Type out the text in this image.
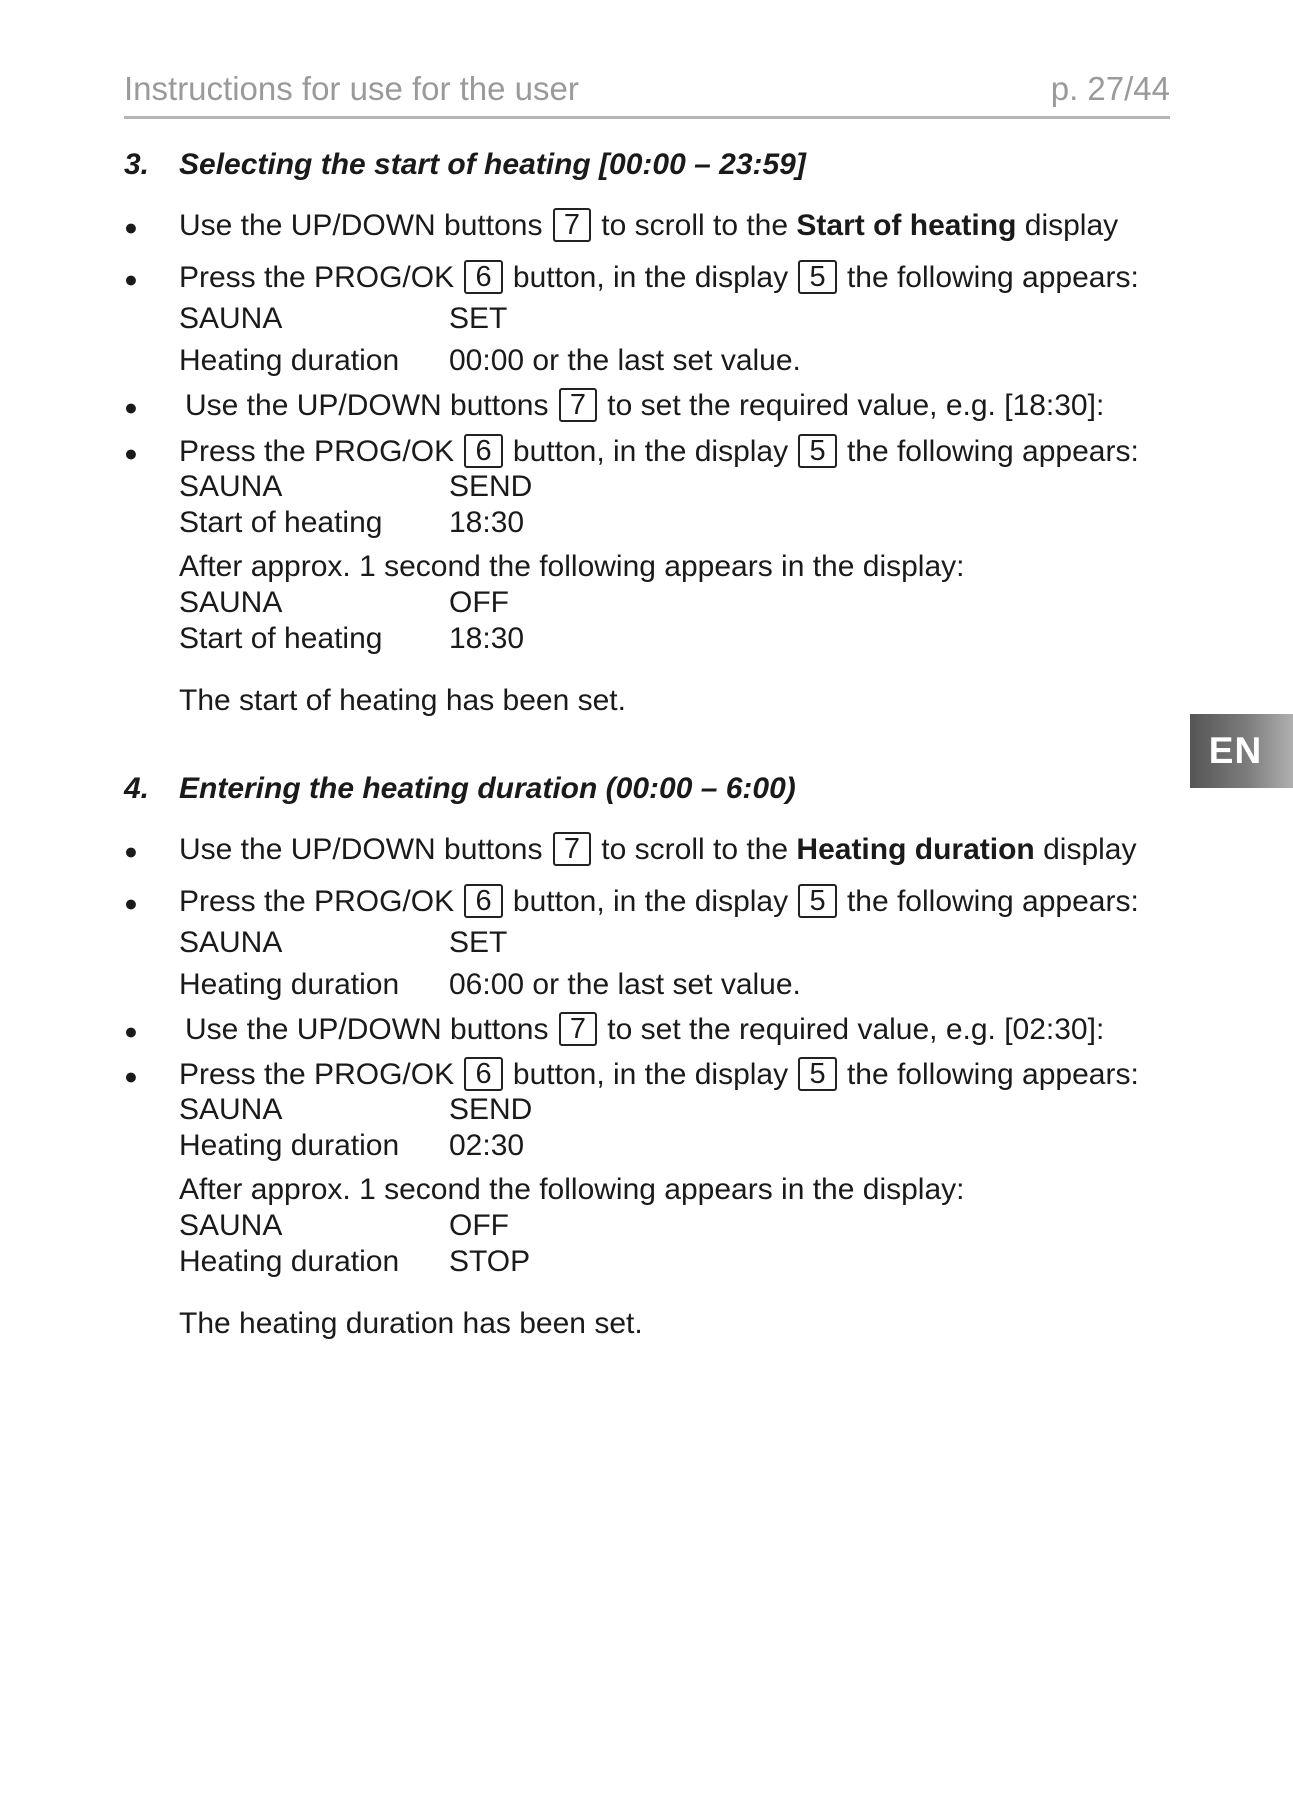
Instructions for use for the user	p. 27/44
EN
3. Selecting the start of heating [00:00 – 23:59]
● Use the UP/DOWN buttons 7 to scroll to the Start of heating display
● Press the PROG/OK 6 button, in the display 5 the following appears:
SAUNA	SET
Heating duration 00:00 or the last set value.
● Use the UP/DOWN buttons 7 to set the required value, e.g. [18:30]:
● Press the PROG/OK 6 button, in the display 5 the following appears:
SAUNA	SEND
Start of heating 18:30
After approx. 1 second the following appears in the display:
SAUNA	OFF
Start of heating 18:30
The start of heating has been set.
4. Entering the heating duration (00:00 – 6:00)
● Use the UP/DOWN buttons 7 to scroll to the Heating duration display
● Press the PROG/OK 6 button, in the display 5 the following appears:
SAUNA	SET
Heating duration 06:00 or the last set value.
● Use the UP/DOWN buttons 7 to set the required value, e.g. [02:30]:
● Press the PROG/OK 6 button, in the display 5 the following appears:
SAUNA	SEND
Heating duration 02:30
After approx. 1 second the following appears in the display:
SAUNA	OFF
Heating duration STOP
The heating duration has been set.
